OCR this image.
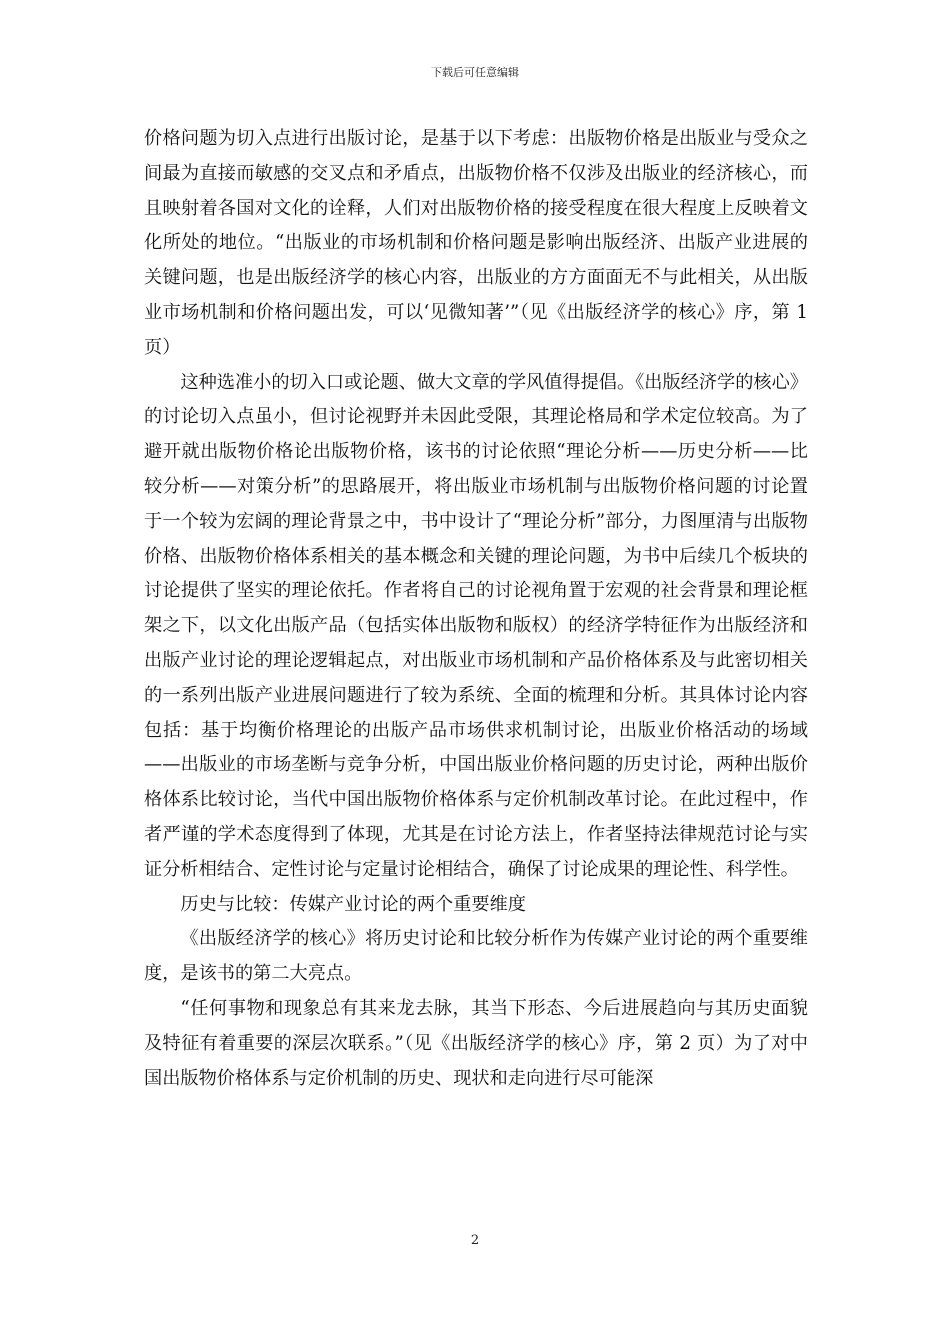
下载后可任意编辑

价格问题为切入点进行出版讨论，是基于以下考虑：出版物价格是出版业与受众之间最为直接而敏感的交叉点和矛盾点，出版物价格不仅涉及出版业的经济核心，而且映射着各国对文化的诠释，人们对出版物价格的接受程度在很大程度上反映着文化所处的地位。“出版业的市场机制和价格问题是影响出版经济、出版产业进展的关键问题，也是出版经济学的核心内容，出版业的方方面面无不与此相关，从出版业市场机制和价格问题出发，可以‘见微知著’”（见《出版经济学的核心》序，第 1 页）

这种选准小的切入口或论题、做大文章的学风值得提倡。《出版经济学的核心》的讨论切入点虽小，但讨论视野并未因此受限，其理论格局和学术定位较高。为了避开就出版物价格论出版物价格，该书的讨论依照“理论分析——历史分析——比较分析——对策分析”的思路展开，将出版业市场机制与出版物价格问题的讨论置于一个较为宏阔的理论背景之中，书中设计了“理论分析”部分，力图厘清与出版物价格、出版物价格体系相关的基本概念和关键的理论问题，为书中后续几个板块的讨论提供了坚实的理论依托。作者将自己的讨论视角置于宏观的社会背景和理论框架之下，以文化出版产品（包括实体出版物和版权）的经济学特征作为出版经济和出版产业讨论的理论逻辑起点，对出版业市场机制和产品价格体系及与此密切相关的一系列出版产业进展问题进行了较为系统、全面的梳理和分析。其具体讨论内容包括：基于均衡价格理论的出版产品市场供求机制讨论，出版业价格活动的场域——出版业的市场垄断与竞争分析，中国出版业价格问题的历史讨论，两种出版价格体系比较讨论，当代中国出版物价格体系与定价机制改革讨论。在此过程中，作者严谨的学术态度得到了体现，尤其是在讨论方法上，作者坚持法律规范讨论与实证分析相结合、定性讨论与定量讨论相结合，确保了讨论成果的理论性、科学性。

历史与比较：传媒产业讨论的两个重要维度

《出版经济学的核心》将历史讨论和比较分析作为传媒产业讨论的两个重要维度，是该书的第二大亮点。

“任何事物和现象总有其来龙去脉，其当下形态、今后进展趋向与其历史面貌及特征有着重要的深层次联系。”（见《出版经济学的核心》序，第 2 页）为了对中国出版物价格体系与定价机制的历史、现状和走向进行尽可能深

2
